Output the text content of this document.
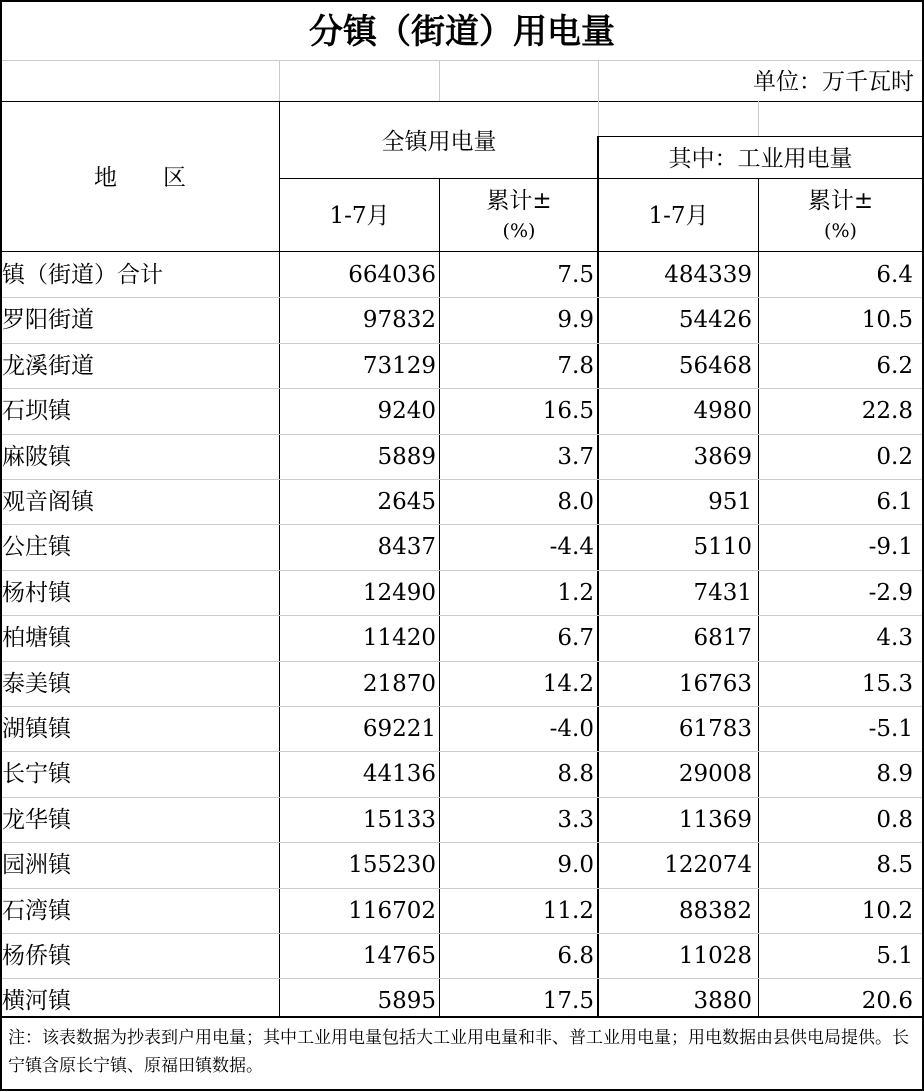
分镇（街道）用电量
单位：万千瓦时
地　　区
全镇用电量
其中：工业用电量
1-7月
累计±
(%)
1-7月
累计±
(%)
镇（街道）合计	664036	7.5	484339	6.4
罗阳街道	97832	9.9	54426	10.5
龙溪街道	73129	7.8	56468	6.2
石坝镇	9240	16.5	4980	22.8
麻陂镇	5889	3.7	3869	0.2
观音阁镇	2645	8.0	951	6.1
公庄镇	8437	-4.4	5110	-9.1
杨村镇	12490	1.2	7431	-2.9
柏塘镇	11420	6.7	6817	4.3
泰美镇	21870	14.2	16763	15.3
湖镇镇	69221	-4.0	61783	-5.1
长宁镇	44136	8.8	29008	8.9
龙华镇	15133	3.3	11369	0.8
园洲镇	155230	9.0	122074	8.5
石湾镇	116702	11.2	88382	10.2
杨侨镇	14765	6.8	11028	5.1
横河镇	5895	17.5	3880	20.6
注：该表数据为抄表到户用电量；其中工业用电量包括大工业用电量和非、普工业用电量；用电数据由县供电局提供。长宁镇含原长宁镇、原福田镇数据。
